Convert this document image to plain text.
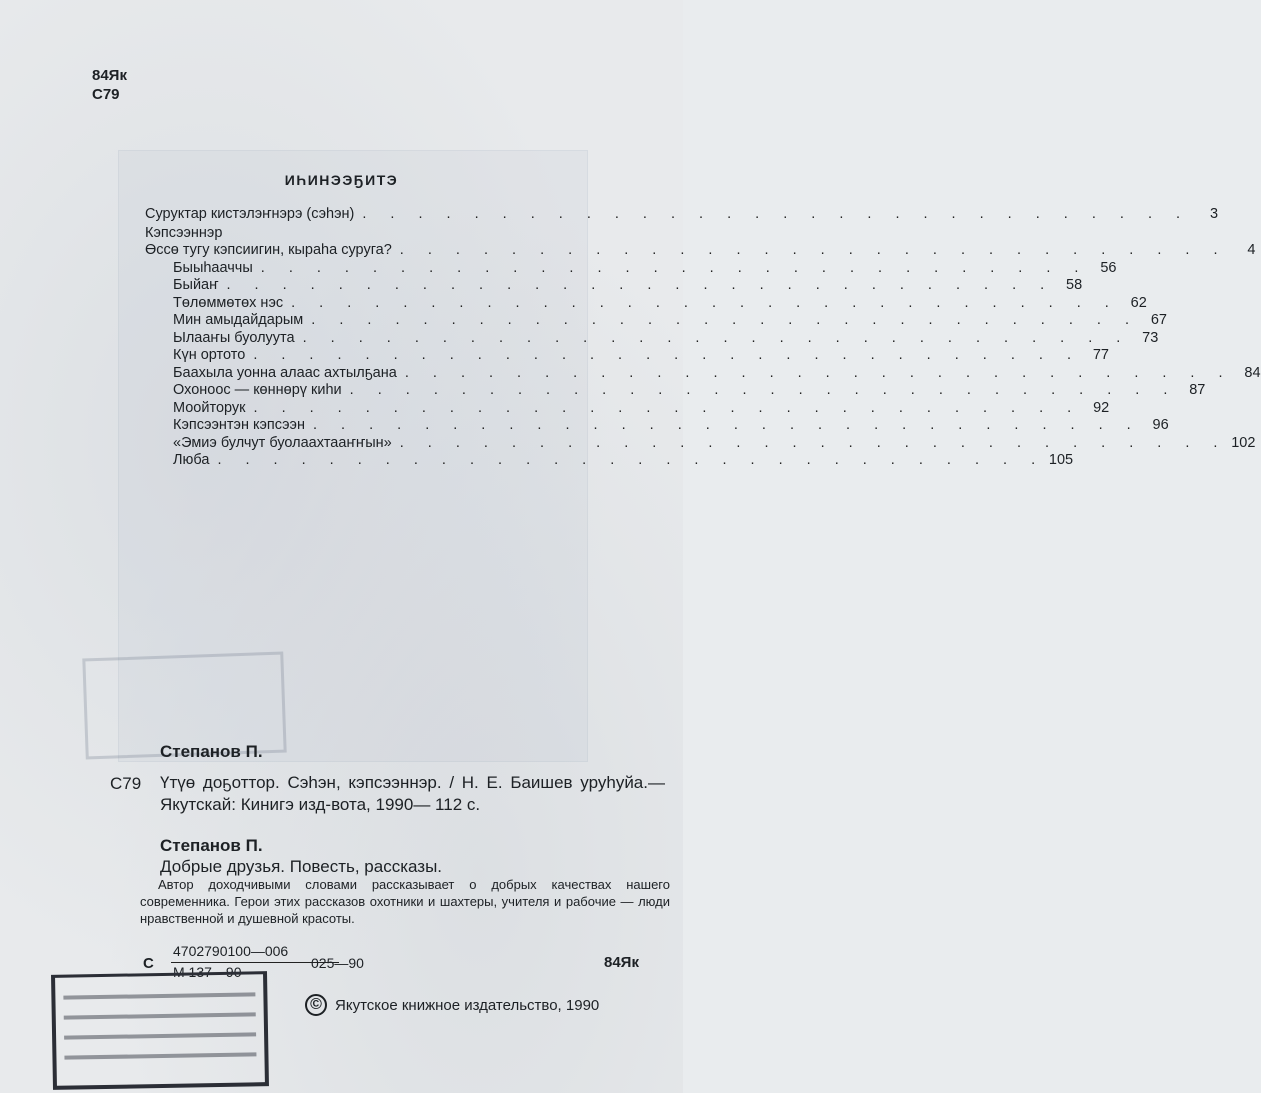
84Як
С79
ИҺИНЭЭҔИТЭ
Суруктар кистэлэҥнэрэ (сэһэн) . . . . . . . . . . . . . . . . . . . . . . . . . . . . . .	3
Кэпсээннэр
Өссө тугу кэпсиигин, кыраһа суруга? . . . . . . . . . . . . . . . . . . . . . . . . . . . . . .	4
Быыһааччы . . . . . . . . . . . . . . . . . . . . . . . . . . . . . . 56
Быйаҥ . . . . . . . . . . . . . . . . . . . . . . . . . . . . . . 58
Төлөммөтөх нэс . . . . . . . . . . . . . . . . . . . . . . . . . . . . . . 62
Мин амыдайдарым . . . . . . . . . . . . . . . . . . . . . . . . . . . . . . 67
Ылааҥы буолуута . . . . . . . . . . . . . . . . . . . . . . . . . . . . . . 73
Күн ортото . . . . . . . . . . . . . . . . . . . . . . . . . . . . . . 77
Баахыла уонна алаас ахтылҕана . . . . . . . . . . . . . . . . . . . . . . . . . . . . . . 84
Охоноос — көннөрү киһи . . . . . . . . . . . . . . . . . . . . . . . . . . . . . . 87
Моойторук . . . . . . . . . . . . . . . . . . . . . . . . . . . . . . 92
Кэпсээнтэн кэпсээн . . . . . . . . . . . . . . . . . . . . . . . . . . . . . . 96
«Эмиэ булчут буолаахтааҥҥын» . . . . . . . . . . . . . . . . . . . . . . . . . . . . . . 102
Люба . . . . . . . . . . . . . . . . . . . . . . . . . . . . . . 105
Степанов П.
С79 Үтүө доҕоттор. Сэһэн, кэпсээннэр. / Н. Е. Баишев уруһуйа.— Якутскай: Кинигэ изд-вота, 1990— 112 с.
Степанов П.
Добрые друзья. Повесть, рассказы.
Автор доходчивыми словами рассказывает о добрых качествах нашего современника. Герои этих рассказов охотники и шахтеры, учителя и рабочие — люди нравственной и душевной красоты.
С
4702790100—006
М 137—90
025—90	84Як
© Якутское книжное издательство, 1990
